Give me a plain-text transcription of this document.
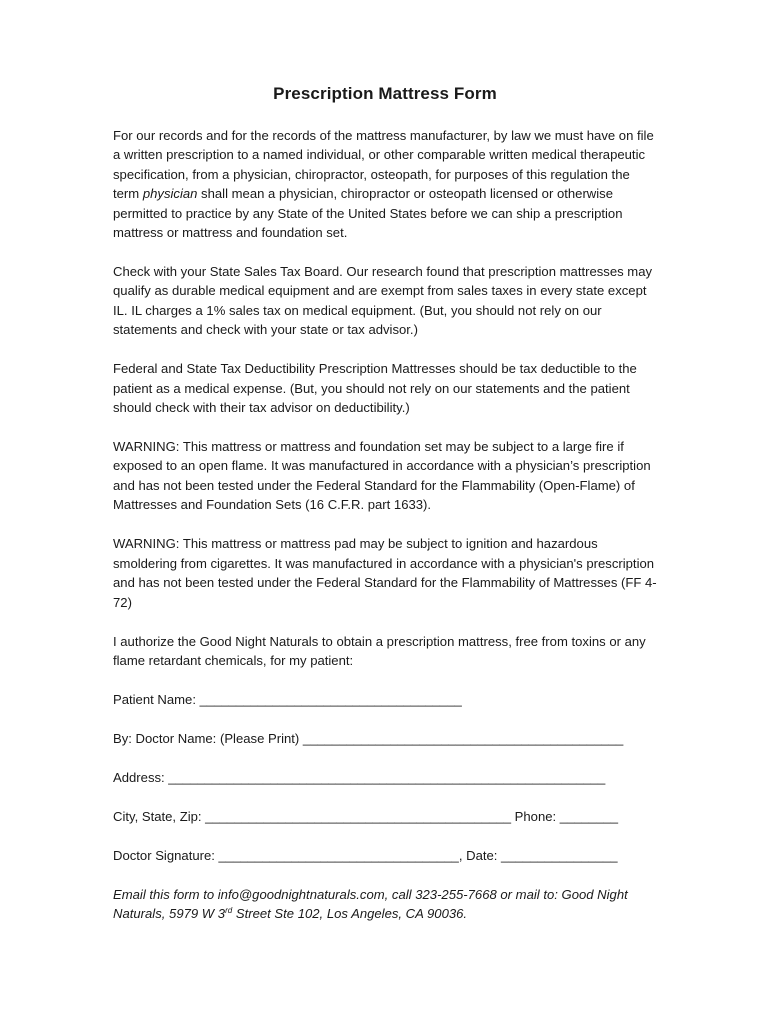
Prescription Mattress Form

For our records and for the records of the mattress manufacturer, by law we must have on file a written prescription to a named individual, or other comparable written medical therapeutic specification, from a physician, chiropractor, osteopath, for purposes of this regulation the term physician shall mean a physician, chiropractor or osteopath licensed or otherwise permitted to practice by any State of the United States before we can ship a prescription mattress or mattress and foundation set.

Check with your State Sales Tax Board. Our research found that prescription mattresses may qualify as durable medical equipment and are exempt from sales taxes in every state except IL. IL charges a 1% sales tax on medical equipment. (But, you should not rely on our statements and check with your state or tax advisor.)

Federal and State Tax Deductibility Prescription Mattresses should be tax deductible to the patient as a medical expense. (But, you should not rely on our statements and the patient should check with their tax advisor on deductibility.)

WARNING: This mattress or mattress and foundation set may be subject to a large fire if exposed to an open flame. It was manufactured in accordance with a physician’s prescription and has not been tested under the Federal Standard for the Flammability (Open-Flame) of Mattresses and Foundation Sets (16 C.F.R. part 1633).

WARNING: This mattress or mattress pad may be subject to ignition and hazardous smoldering from cigarettes. It was manufactured in accordance with a physician's prescription and has not been tested under the Federal Standard for the Flammability of Mattresses (FF 4-72)

I authorize the Good Night Naturals to obtain a prescription mattress, free from toxins or any flame retardant chemicals, for my patient:

Patient Name: ____________________________________

By: Doctor Name: (Please Print) ____________________________________________

Address: ____________________________________________________________

City, State, Zip: __________________________________________ Phone: ________

Doctor Signature: _________________________________, Date: ________________

Email this form to info@goodnightnaturals.com, call 323-255-7668 or mail to: Good Night Naturals, 5979 W 3rd Street Ste 102, Los Angeles, CA 90036.
